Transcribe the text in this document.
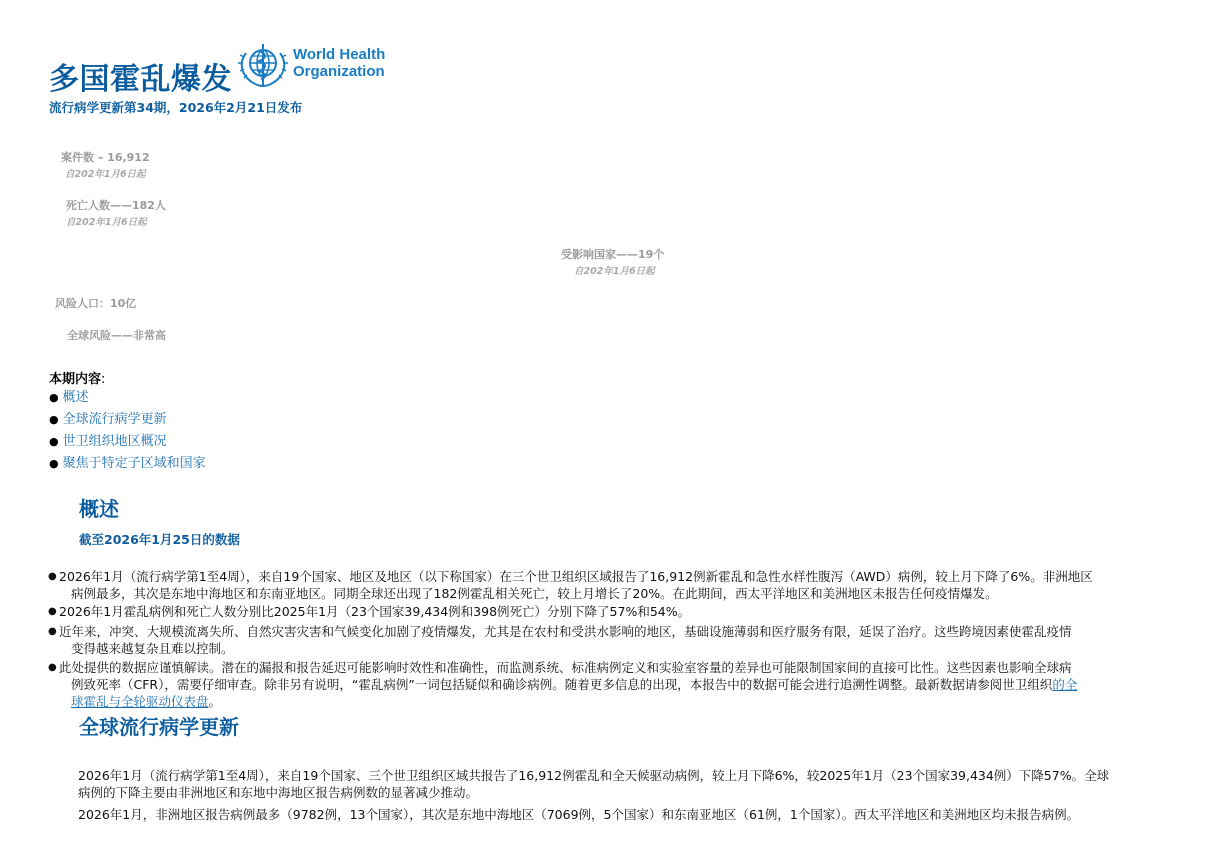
多国霍乱爆发
World Health
Organization
流行病学更新第34期，2026年2月21日发布
案件数 – 16,912
自202年1月6日起
死亡人数——182人
自202年1月6日起
受影响国家——19个
自202年1月6日起
风险人口：10亿
全球风险——非常高
本期内容:
● 概述
● 全球流行病学更新
● 世卫组织地区概况
● 聚焦于特定子区域和国家
概述
截至2026年1月25日的数据
● 2026年1月（流行病学第1至4周），来自19个国家、地区及地区（以下称国家）在三个世卫组织区域报告了16,912例新霍乱和急性水样性腹泻（AWD）病例，较上月下降了6%。非洲地区
病例最多，其次是东地中海地区和东南亚地区。同期全球还出现了182例霍乱相关死亡，较上月增长了20%。在此期间，西太平洋地区和美洲地区未报告任何疫情爆发。
● 2026年1月霍乱病例和死亡人数分别比2025年1月（23个国家39,434例和398例死亡）分别下降了57%和54%。
● 近年来，冲突、大规模流离失所、自然灾害灾害和气候变化加剧了疫情爆发，尤其是在农村和受洪水影响的地区，基础设施薄弱和医疗服务有限，延误了治疗。这些跨境因素使霍乱疫情
变得越来越复杂且难以控制。
● 此处提供的数据应谨慎解读。潜在的漏报和报告延迟可能影响时效性和准确性，而监测系统、标准病例定义和实验室容量的差异也可能限制国家间的直接可比性。这些因素也影响全球病
例致死率（CFR），需要仔细审查。除非另有说明，“霍乱病例”一词包括疑似和确诊病例。随着更多信息的出现，本报告中的数据可能会进行追溯性调整。最新数据请参阅世卫组织的全
球霍乱与全轮驱动仪表盘。
全球流行病学更新
2026年1月（流行病学第1至4周），来自19个国家、三个世卫组织区域共报告了16,912例霍乱和全天候驱动病例，较上月下降6%，较2025年1月（23个国家39,434例）下降57%。全球
病例的下降主要由非洲地区和东地中海地区报告病例数的显著减少推动。
2026年1月，非洲地区报告病例最多（9782例，13个国家），其次是东地中海地区（7069例，5个国家）和东南亚地区（61例，1个国家）。西太平洋地区和美洲地区均未报告病例。
